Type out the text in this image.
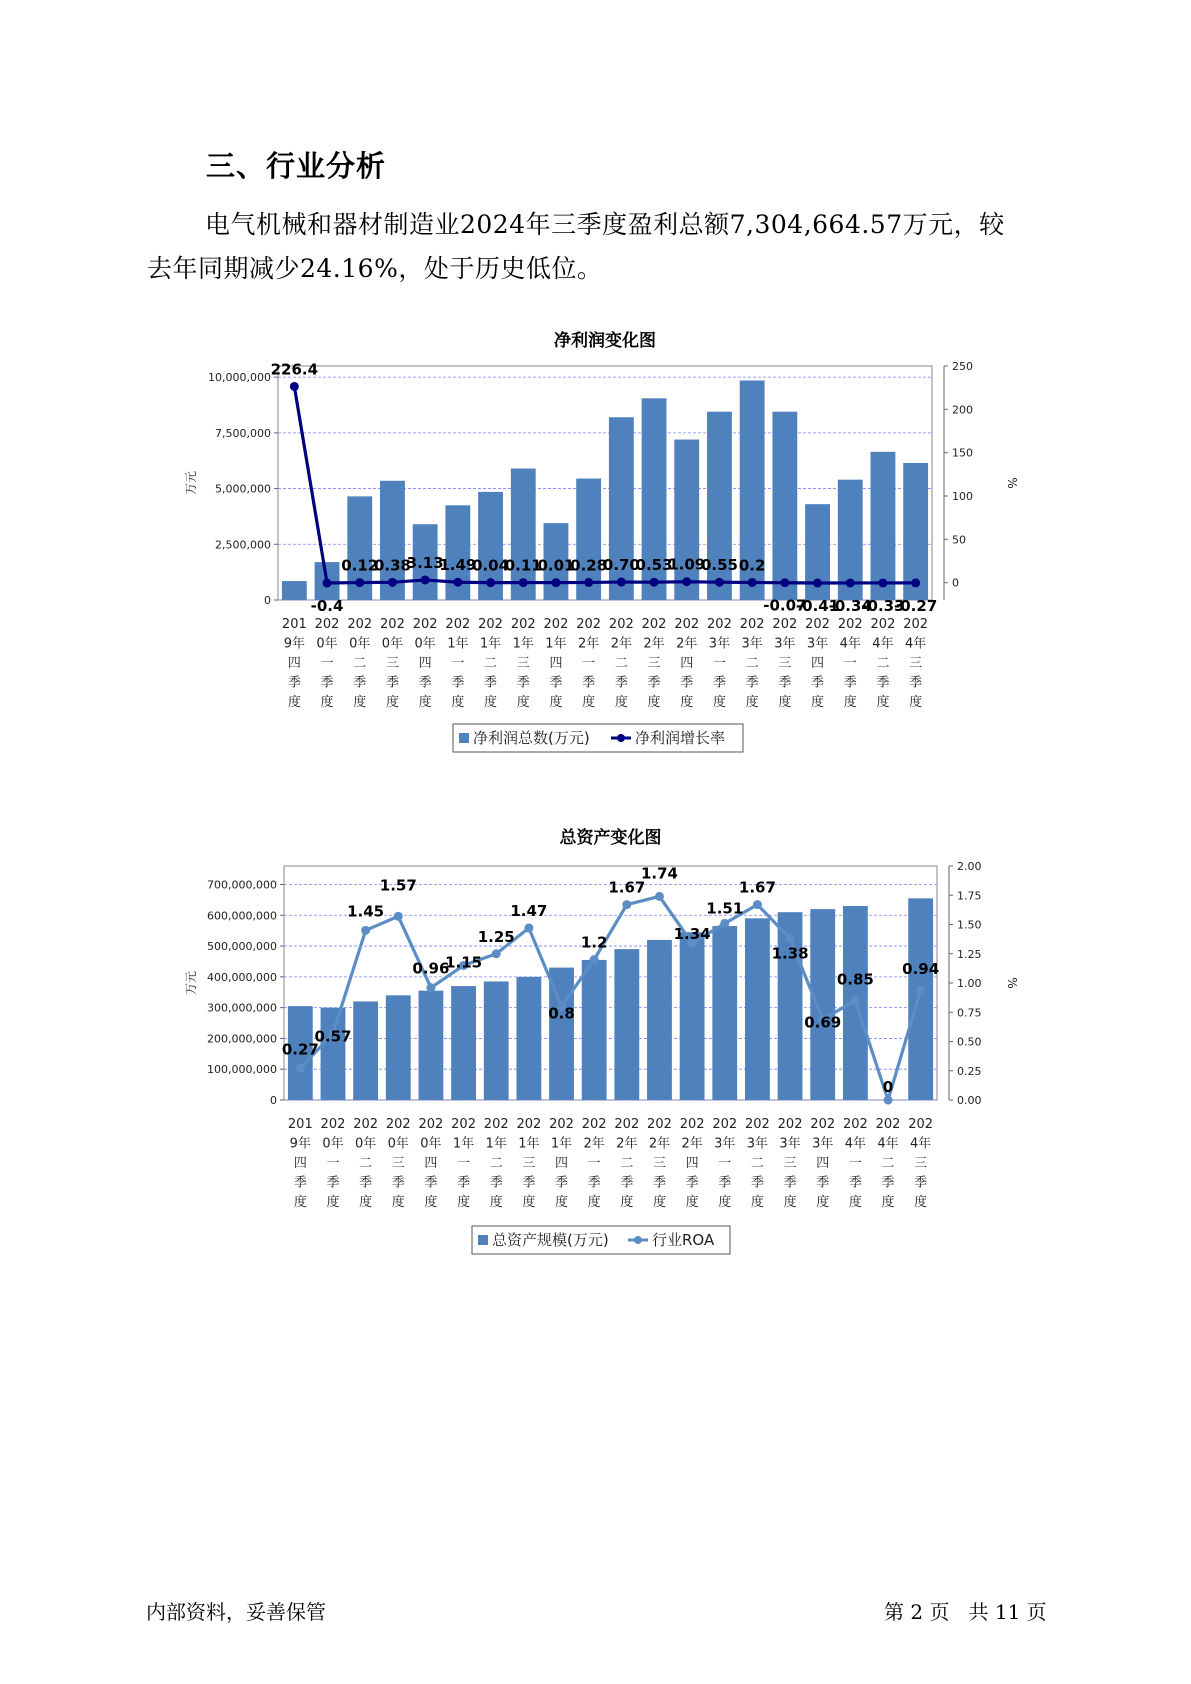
三、行业分析
电气机械和器材制造业2024年三季度盈利总额7,304,664.57万元，较
去年同期减少24.16%，处于历史低位。
净利润变化图
0
2,500,000
5,000,000
7,500,000
10,000,000
万元
0
50
100
150
200
250
%
201
9年
四
季
度
202
0年
一
季
度
202
0年
二
季
度
202
0年
三
季
度
202
0年
四
季
度
202
1年
一
季
度
202
1年
二
季
度
202
1年
三
季
度
202
1年
四
季
度
202
2年
一
季
度
202
2年
二
季
度
202
2年
三
季
度
202
2年
四
季
度
202
3年
一
季
度
202
3年
二
季
度
202
3年
三
季
度
202
3年
四
季
度
202
4年
一
季
度
202
4年
二
季
度
202
4年
三
季
度
226.4
-0.4
0.12
0.38
3.13
1.49
0.04
0.11
0.01
0.28
0.70
0.53
1.09
0.55 0.2
-0.07
-0.41
-0.34
-0.33
-0.27
净利润总数(万元)	净利润增长率
总资产变化图
0
100,000,000
200,000,000
300,000,000
400,000,000
500,000,000
600,000,000
700,000,000
万元
0.00
0.25
0.50
0.75
1.00
1.25
1.50
1.75
2.00
%
201
9年
四
季
度
202
0年
一
季
度
202
0年
二
季
度
202
0年
三
季
度
202
0年
四
季
度
202
1年
一
季
度
202
1年
二
季
度
202
1年
三
季
度
202
1年
四
季
度
202
2年
一
季
度
202
2年
二
季
度
202
2年
三
季
度
202
2年
四
季
度
202
3年
一
季
度
202
3年
二
季
度
202
3年
三
季
度
202
3年
四
季
度
202
4年
一
季
度
202
4年
二
季
度
202
4年
三
季
度
0.27
0.57
1.45
1.57
0.96
1.15
1.25
1.47
0.8
1.2
1.67
1.74
1.34
1.51
1.67
1.38
0.69
0.85
0
0.94
总资产规模(万元)	行业ROA
内部资料，妥善保管	第 2 页   共 11 页
